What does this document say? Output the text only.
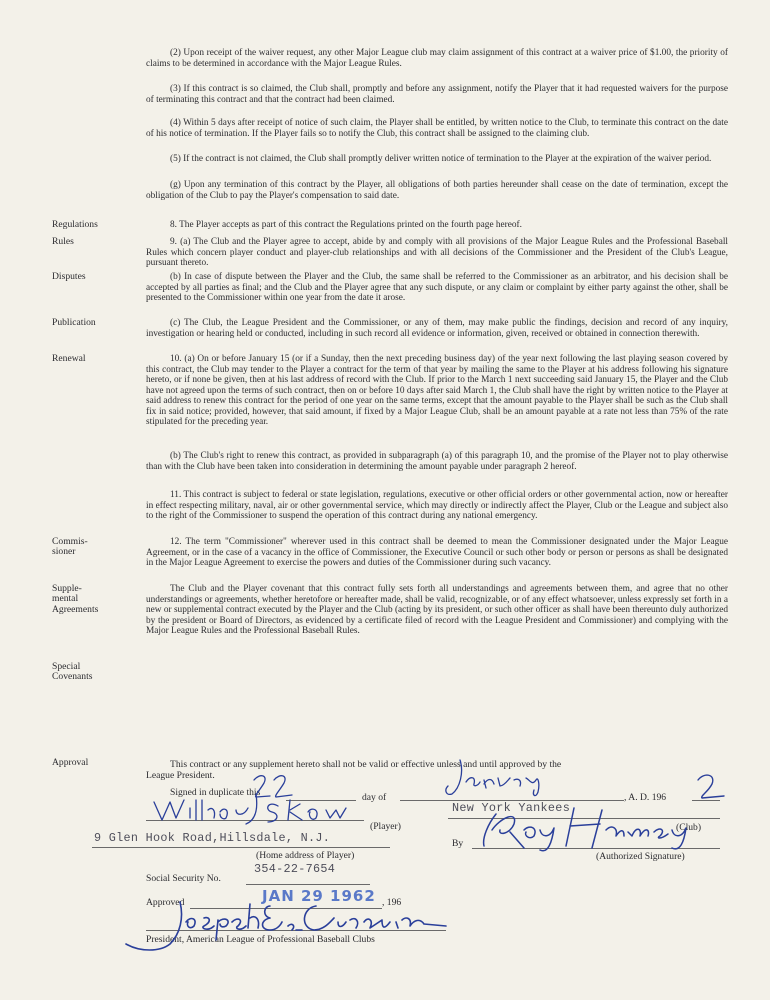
(2) Upon receipt of the waiver request, any other Major League club may claim assignment of this contract at a waiver price of $1.00, the priority of claims to be determined in accordance with the Major League Rules.
(3) If this contract is so claimed, the Club shall, promptly and before any assignment, notify the Player that it had requested waivers for the purpose of terminating this contract and that the contract had been claimed.
(4) Within 5 days after receipt of notice of such claim, the Player shall be entitled, by written notice to the Club, to terminate this contract on the date of his notice of termination. If the Player fails so to notify the Club, this contract shall be assigned to the claiming club.
(5) If the contract is not claimed, the Club shall promptly deliver written notice of termination to the Player at the expiration of the waiver period.
(g) Upon any termination of this contract by the Player, all obligations of both parties hereunder shall cease on the date of termination, except the obligation of the Club to pay the Player's compensation to said date.
Regulations	8. The Player accepts as part of this contract the Regulations printed on the fourth page hereof.
Rules	9. (a) The Club and the Player agree to accept, abide by and comply with all provisions of the Major League Rules and the Professional Baseball Rules which concern player conduct and player-club relationships and with all decisions of the Commissioner and the President of the Club's League, pursuant thereto.
Disputes	(b) In case of dispute between the Player and the Club, the same shall be referred to the Commissioner as an arbitrator, and his decision shall be accepted by all parties as final; and the Club and the Player agree that any such dispute, or any claim or complaint by either party against the other, shall be presented to the Commissioner within one year from the date it arose.
Publication	(c) The Club, the League President and the Commissioner, or any of them, may make public the findings, decision and record of any inquiry, investigation or hearing held or conducted, including in such record all evidence or information, given, received or obtained in connection therewith.
Renewal	10. (a) On or before January 15 (or if a Sunday, then the next preceding business day) of the year next following the last playing season covered by this contract, the Club may tender to the Player a contract for the term of that year by mailing the same to the Player at his address following his signature hereto, or if none be given, then at his last address of record with the Club. If prior to the March 1 next succeeding said January 15, the Player and the Club have not agreed upon the terms of such contract, then on or before 10 days after said March 1, the Club shall have the right by written notice to the Player at said address to renew this contract for the period of one year on the same terms, except that the amount payable to the Player shall be such as the Club shall fix in said notice; provided, however, that said amount, if fixed by a Major League Club, shall be an amount payable at a rate not less than 75% of the rate stipulated for the preceding year.
(b) The Club's right to renew this contract, as provided in subparagraph (a) of this paragraph 10, and the promise of the Player not to play otherwise than with the Club have been taken into consideration in determining the amount payable under paragraph 2 hereof.
11. This contract is subject to federal or state legislation, regulations, executive or other official orders or other governmental action, now or hereafter in effect respecting military, naval, air or other governmental service, which may directly or indirectly affect the Player, Club or the League and subject also to the right of the Commissioner to suspend the operation of this contract during any national emergency.
Commis-
sioner
12. The term "Commissioner" wherever used in this contract shall be deemed to mean the Commissioner designated under the Major League Agreement, or in the case of a vacancy in the office of Commissioner, the Executive Council or such other body or person or persons as shall be designated in the Major League Agreement to exercise the powers and duties of the Commissioner during such vacancy.
Supple-
mental
Agreements
The Club and the Player covenant that this contract fully sets forth all understandings and agreements between them, and agree that no other understandings or agreements, whether heretofore or hereafter made, shall be valid, recognizable, or of any effect whatsoever, unless expressly set forth in a new or supplemental contract executed by the Player and the Club (acting by its president, or such other officer as shall have been thereunto duly authorized by the president or Board of Directors, as evidenced by a certificate filed of record with the League President and Commissioner) and complying with the Major League Rules and the Professional Baseball Rules.
Special
Covenants
Approval	This contract or any supplement hereto shall not be valid or effective unless and until approved by the
League President.
Signed in duplicate this	day of	, A. D. 196
New York Yankees
(Club)
(Player)
9 Glen Hook Road,Hillsdale, N.J.
(Home address of Player)
By
(Authorized Signature)
Social Security No.
354-22-7654
Approved	, 196
JAN 29 1962
President, American League of Professional Baseball Clubs
